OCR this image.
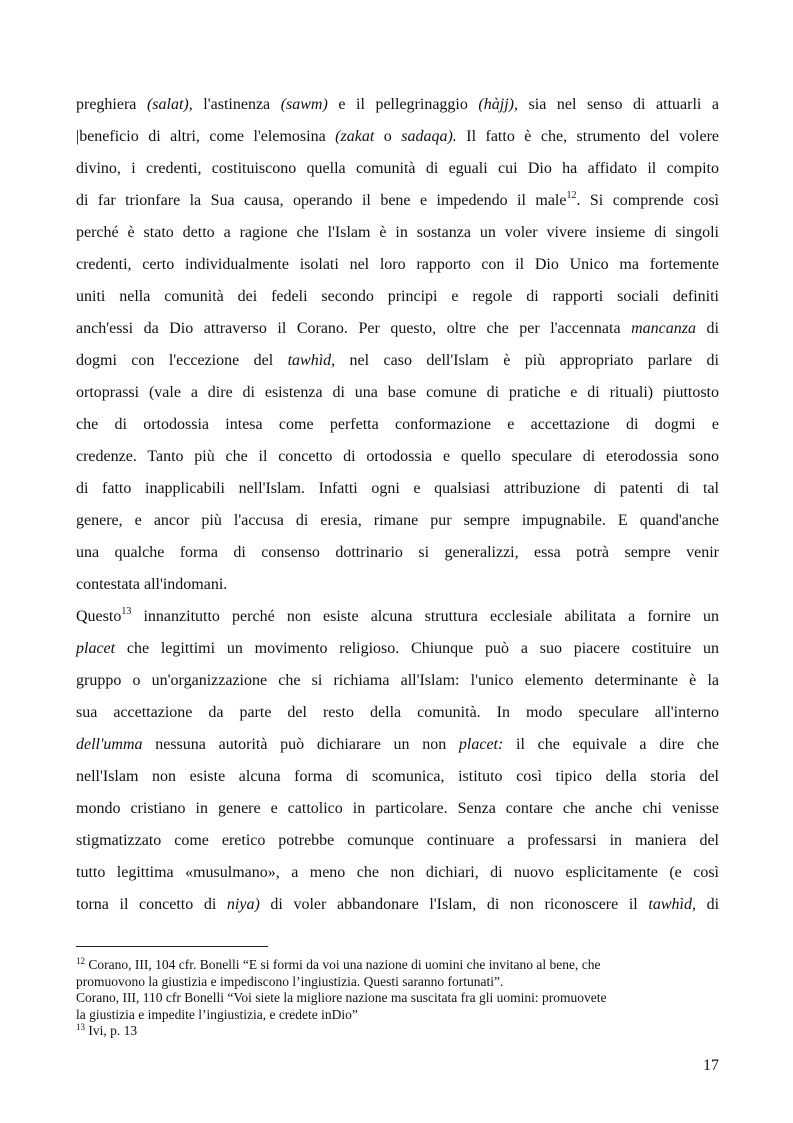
preghiera (salat), l'astinenza (sawm) e il pellegrinaggio (hàjj), sia nel senso di attuarli a
|beneficio di altri, come l'elemosina (zakat o sadaqa). Il fatto è che, strumento del volere
divino, i credenti, costituiscono quella comunità di eguali cui Dio ha affidato il compito
di far trionfare la Sua causa, operando il bene e impedendo il male$^{12}$. Si comprende così
perché è stato detto a ragione che l'Islam è in sostanza un voler vivere insieme di singoli
credenti, certo individualmente isolati nel loro rapporto con il Dio Unico ma fortemente
uniti nella comunità dei fedeli secondo principi e regole di rapporti sociali definiti
anch'essi da Dio attraverso il Corano. Per questo, oltre che per l'accennata mancanza di
dogmi con l'eccezione del tawhìd, nel caso dell'Islam è più appropriato parlare di
ortoprassi (vale a dire di esistenza di una base comune di pratiche e di rituali) piuttosto
che di ortodossia intesa come perfetta conformazione e accettazione di dogmi e
credenze. Tanto più che il concetto di ortodossia e quello speculare di eterodossia sono
di fatto inapplicabili nell'Islam. Infatti ogni e qualsiasi attribuzione di patenti di tal
genere, e ancor più l'accusa di eresia, rimane pur sempre impugnabile. E quand'anche
una qualche forma di consenso dottrinario si generalizzi, essa potrà sempre venir
contestata all'indomani.
Questo$^{13}$ innanzitutto perché non esiste alcuna struttura ecclesiale abilitata a fornire un
placet che legittimi un movimento religioso. Chiunque può a suo piacere costituire un
gruppo o un'organizzazione che si richiama all'Islam: l'unico elemento determinante è la
sua accettazione da parte del resto della comunità. In modo speculare all'interno
dell'umma nessuna autorità può dichiarare un non placet: il che equivale a dire che
nell'Islam non esiste alcuna forma di scomunica, istituto così tipico della storia del
mondo cristiano in genere e cattolico in particolare. Senza contare che anche chi venisse
stigmatizzato come eretico potrebbe comunque continuare a professarsi in maniera del
tutto legittima «musulmano», a meno che non dichiari, di nuovo esplicitamente (e così
torna il concetto di niya) di voler abbandonare l'Islam, di non riconoscere il tawhìd, di
$^{12}$ Corano, III, 104 cfr. Bonelli “E si formi da voi una nazione di uomini che invitano al bene, che
promuovono la giustizia e impediscono l’ingiustizia. Questi saranno fortunati”.
Corano, III, 110 cfr Bonelli “Voi siete la migliore nazione ma suscitata fra gli uomini: promuovete
la giustizia e impedite l’ingiustizia, e credete inDio”
$^{13}$ Ivi, p. 13
17
